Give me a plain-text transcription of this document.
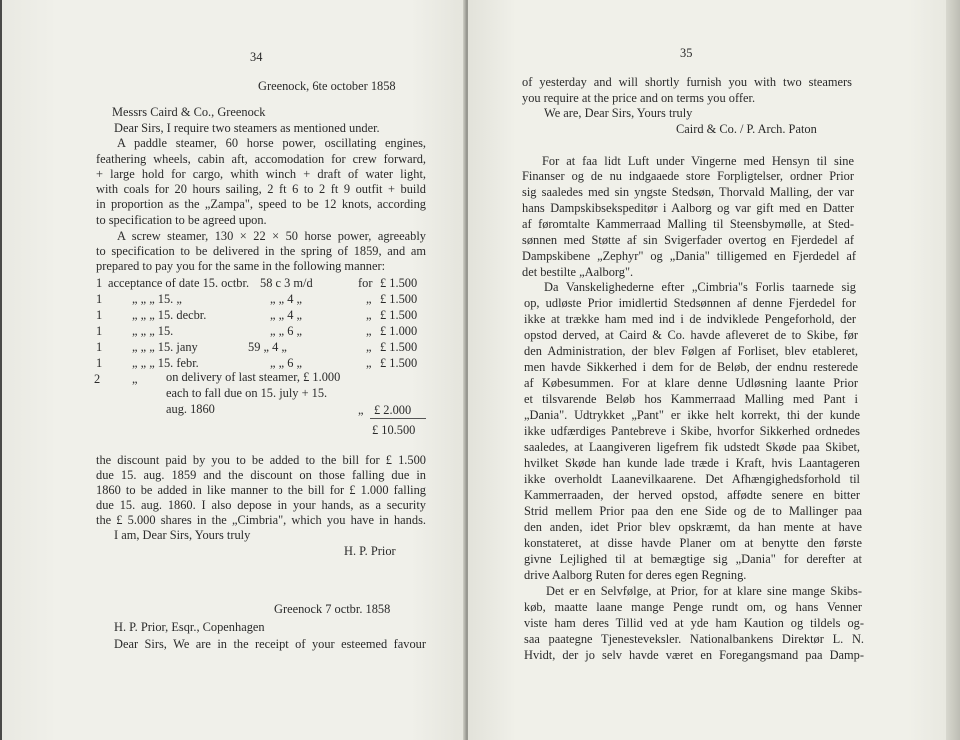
34
Greenock, 6te october 1858
Messrs Caird & Co., Greenock
Dear Sirs, I require two steamers as mentioned under.
A paddle steamer, 60 horse power, oscillating engines,
feathering wheels, cabin aft, accomodation for crew forward,
+ large hold for cargo, whith winch + draft of water light,
with coals for 20 hours sailing, 2 ft 6 to 2 ft 9 outfit + build
in proportion as the „Zampa", speed to be 12 knots, according
to specification to be agreed upon.
A screw steamer, 130 × 22 × 50 horse power, agreeably
to specification to be delivered in the spring of 1859, and am
prepared to pay you for the same in the following manner:
1 acceptance of date 15. octbr. 58 c 3 m/d	for £ 1.500
1 „ „ „ 15. „	„ „ 4 „	„ £ 1.500
1 „ „ „ 15. decbr.	„ „ 4 „	„ £ 1.500
1 „ „ „ 15.	„ „ 6 „	„ £ 1.000
1 „ „ „ 15. jany	59 „ 4 „	„ £ 1.500
1 „ „ „ 15. febr.	„ „ 6 „	„ £ 1.500
2	„ on delivery of last steamer, £ 1.000
each to fall due on 15. july + 15.
aug. 1860	„ £ 2.000
£ 10.500
the discount paid by you to be added to the bill for £ 1.500
due 15. aug. 1859 and the discount on those falling due in
1860 to be added in like manner to the bill for £ 1.000 falling
due 15. aug. 1860. I also depose in your hands, as a security
the £ 5.000 shares in the „Cimbria", which you have in hands.
I am, Dear Sirs, Yours truly
H. P. Prior
Greenock 7 octbr. 1858
H. P. Prior, Esqr., Copenhagen
Dear Sirs, We are in the receipt of your esteemed favour
35
of yesterday and will shortly furnish you with two steamers
you require at the price and on terms you offer.
We are, Dear Sirs, Yours truly
Caird & Co. / P. Arch. Paton
For at faa lidt Luft under Vingerne med Hensyn til sine
Finanser og de nu indgaaede store Forpligtelser, ordner Prior
sig saaledes med sin yngste Stedsøn, Thorvald Malling, der var
hans Dampskibsekspeditør i Aalborg og var gift med en Datter
af føromtalte Kammerraad Malling til Steensbymølle, at Sted-
sønnen med Støtte af sin Svigerfader overtog en Fjerdedel af
Dampskibene „Zephyr" og „Dania" tilligemed en Fjerdedel af
det bestilte „Aalborg".
Da Vanskelighederne efter „Cimbria"s Forlis taarnede sig
op, udløste Prior imidlertid Stedsønnen af denne Fjerdedel for
ikke at trække ham med ind i de indviklede Pengeforhold, der
opstod derved, at Caird & Co. havde afleveret de to Skibe, før
den Administration, der blev Følgen af Forliset, blev etableret,
men havde Sikkerhed i dem for de Beløb, der endnu resterede
af Købesummen. For at klare denne Udløsning laante Prior
et tilsvarende Beløb hos Kammerraad Malling med Pant i
„Dania". Udtrykket „Pant" er ikke helt korrekt, thi der kunde
ikke udfærdiges Pantebreve i Skibe, hvorfor Sikkerhed ordnedes
saaledes, at Laangiveren ligefrem fik udstedt Skøde paa Skibet,
hvilket Skøde han kunde lade træde i Kraft, hvis Laantageren
ikke overholdt Laanevilkaarene. Det Afhængighedsforhold til
Kammerraaden, der herved opstod, affødte senere en bitter
Strid mellem Prior paa den ene Side og de to Mallinger paa
den anden, idet Prior blev opskræmt, da han mente at have
konstateret, at disse havde Planer om at benytte den første
givne Lejlighed til at bemægtige sig „Dania" for derefter at
drive Aalborg Ruten for deres egen Regning.
Det er en Selvfølge, at Prior, for at klare sine mange Skibs-
køb, maatte laane mange Penge rundt om, og hans Venner
viste ham deres Tillid ved at yde ham Kaution og tildels og-
saa paategne Tjenesteveksler. Nationalbankens Direktør L. N.
Hvidt, der jo selv havde været en Foregangsmand paa Damp-
